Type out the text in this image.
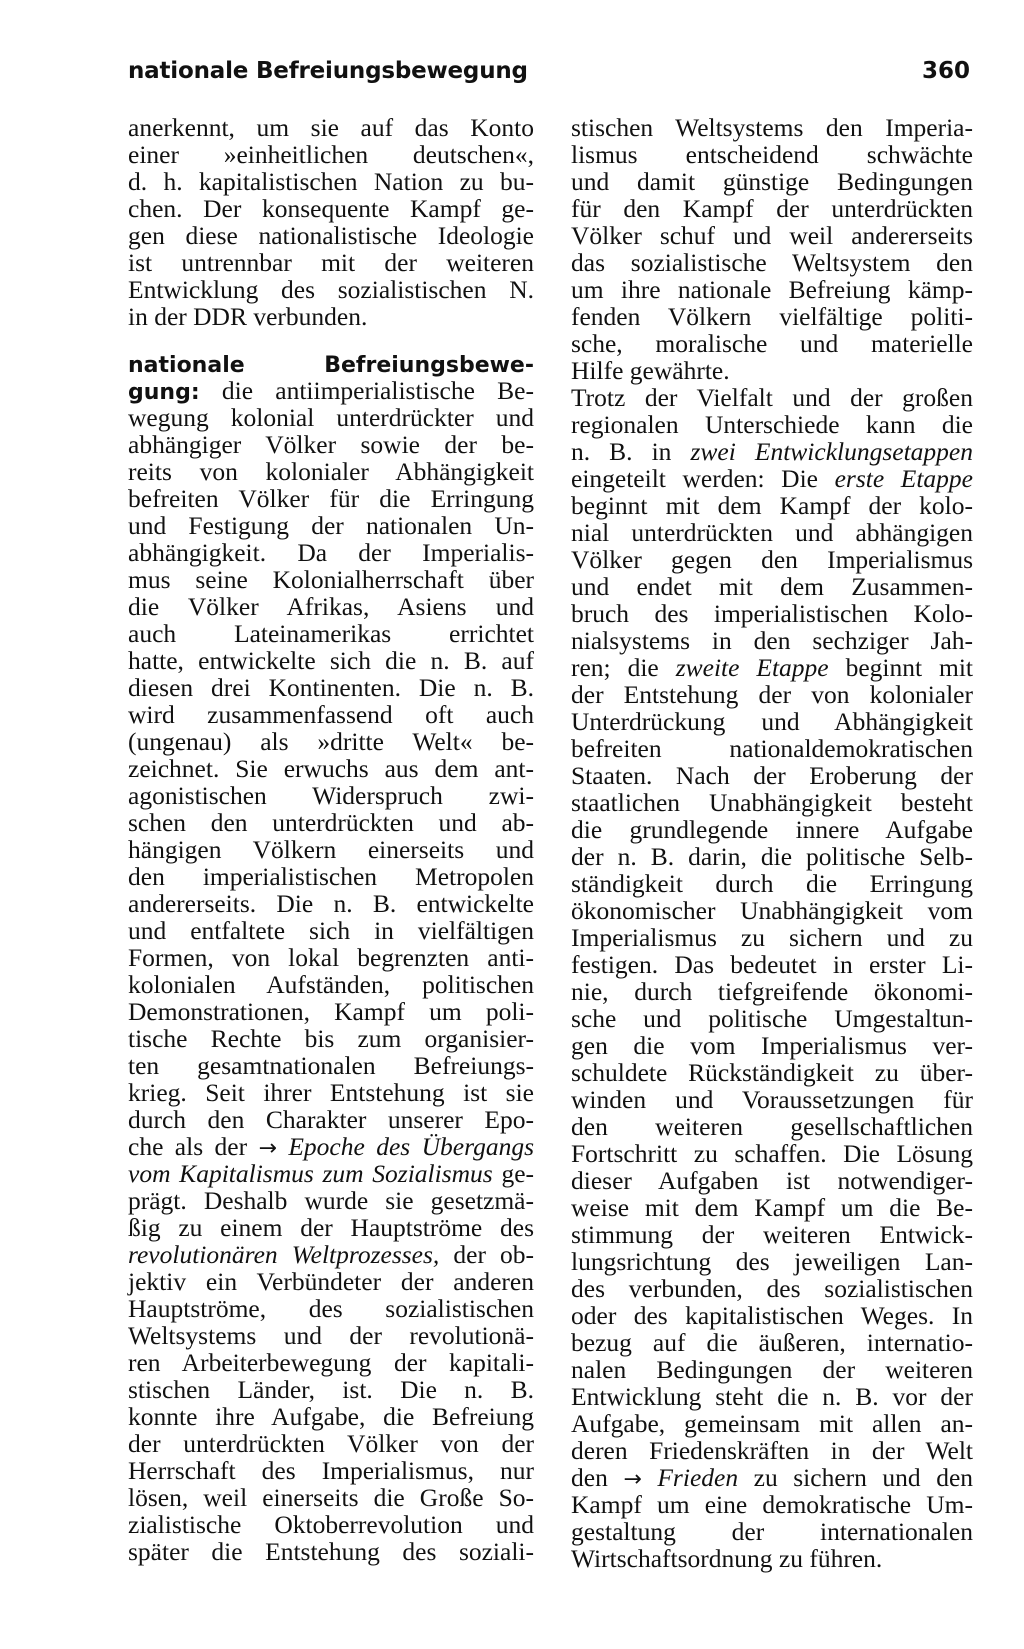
nationale Befreiungsbewegung	360
anerkennt, um sie auf das Konto
einer »einheitlichen deutschen«,
d. h. kapitalistischen Nation zu bu-
chen. Der konsequente Kampf ge-
gen diese nationalistische Ideologie
ist untrennbar mit der weiteren
Entwicklung des sozialistischen N.
in der DDR verbunden.
nationale	Befreiungsbewe-
gung: die antiimperialistische Be-
wegung kolonial unterdrückter und
abhängiger Völker sowie der be-
reits von kolonialer Abhängigkeit
befreiten Völker für die Erringung
und Festigung der nationalen Un-
abhängigkeit. Da der Imperialis-
mus seine Kolonialherrschaft über
die Völker Afrikas, Asiens und
auch Lateinamerikas errichtet
hatte, entwickelte sich die n. B. auf
diesen drei Kontinenten. Die n. B.
wird zusammenfassend oft auch
(ungenau) als »dritte Welt« be-
zeichnet. Sie erwuchs aus dem ant-
agonistischen Widerspruch zwi-
schen den unterdrückten und ab-
hängigen Völkern einerseits und
den imperialistischen Metropolen
andererseits. Die n. B. entwickelte
und entfaltete sich in vielfältigen
Formen, von lokal begrenzten anti-
kolonialen Aufständen, politischen
Demonstrationen, Kampf um poli-
tische Rechte bis zum organisier-
ten gesamtnationalen Befreiungs-
krieg. Seit ihrer Entstehung ist sie
durch den Charakter unserer Epo-
che als der → Epoche des Übergangs
vom Kapitalismus zum Sozialismus ge-
prägt. Deshalb wurde sie gesetzmä-
ßig zu einem der Hauptströme des
revolutionären Weltprozesses, der ob-
jektiv ein Verbündeter der anderen
Hauptströme, des sozialistischen
Weltsystems und der revolutionä-
ren Arbeiterbewegung der kapitali-
stischen Länder, ist. Die n. B.
konnte ihre Aufgabe, die Befreiung
der unterdrückten Völker von der
Herrschaft des Imperialismus, nur
lösen, weil einerseits die Große So-
zialistische Oktoberrevolution und
später die Entstehung des soziali-
stischen Weltsystems den Imperia-
lismus entscheidend schwächte
und damit günstige Bedingungen
für den Kampf der unterdrückten
Völker schuf und weil andererseits
das sozialistische Weltsystem den
um ihre nationale Befreiung kämp-
fenden Völkern vielfältige politi-
sche, moralische und materielle
Hilfe gewährte.
Trotz der Vielfalt und der großen
regionalen Unterschiede kann die
n. B. in zwei Entwicklungsetappen
eingeteilt werden: Die erste Etappe
beginnt mit dem Kampf der kolo-
nial unterdrückten und abhängigen
Völker gegen den Imperialismus
und endet mit dem Zusammen-
bruch des imperialistischen Kolo-
nialsystems in den sechziger Jah-
ren; die zweite Etappe beginnt mit
der Entstehung der von kolonialer
Unterdrückung und Abhängigkeit
befreiten nationaldemokratischen
Staaten. Nach der Eroberung der
staatlichen Unabhängigkeit besteht
die grundlegende innere Aufgabe
der n. B. darin, die politische Selb-
ständigkeit durch die Erringung
ökonomischer Unabhängigkeit vom
Imperialismus zu sichern und zu
festigen. Das bedeutet in erster Li-
nie, durch tiefgreifende ökonomi-
sche und politische Umgestaltun-
gen die vom Imperialismus ver-
schuldete Rückständigkeit zu über-
winden und Voraussetzungen für
den weiteren gesellschaftlichen
Fortschritt zu schaffen. Die Lösung
dieser Aufgaben ist notwendiger-
weise mit dem Kampf um die Be-
stimmung der weiteren Entwick-
lungsrichtung des jeweiligen Lan-
des verbunden, des sozialistischen
oder des kapitalistischen Weges. In
bezug auf die äußeren, internatio-
nalen Bedingungen der weiteren
Entwicklung steht die n. B. vor der
Aufgabe, gemeinsam mit allen an-
deren Friedenskräften in der Welt
den → Frieden zu sichern und den
Kampf um eine demokratische Um-
gestaltung der internationalen
Wirtschaftsordnung zu führen.
